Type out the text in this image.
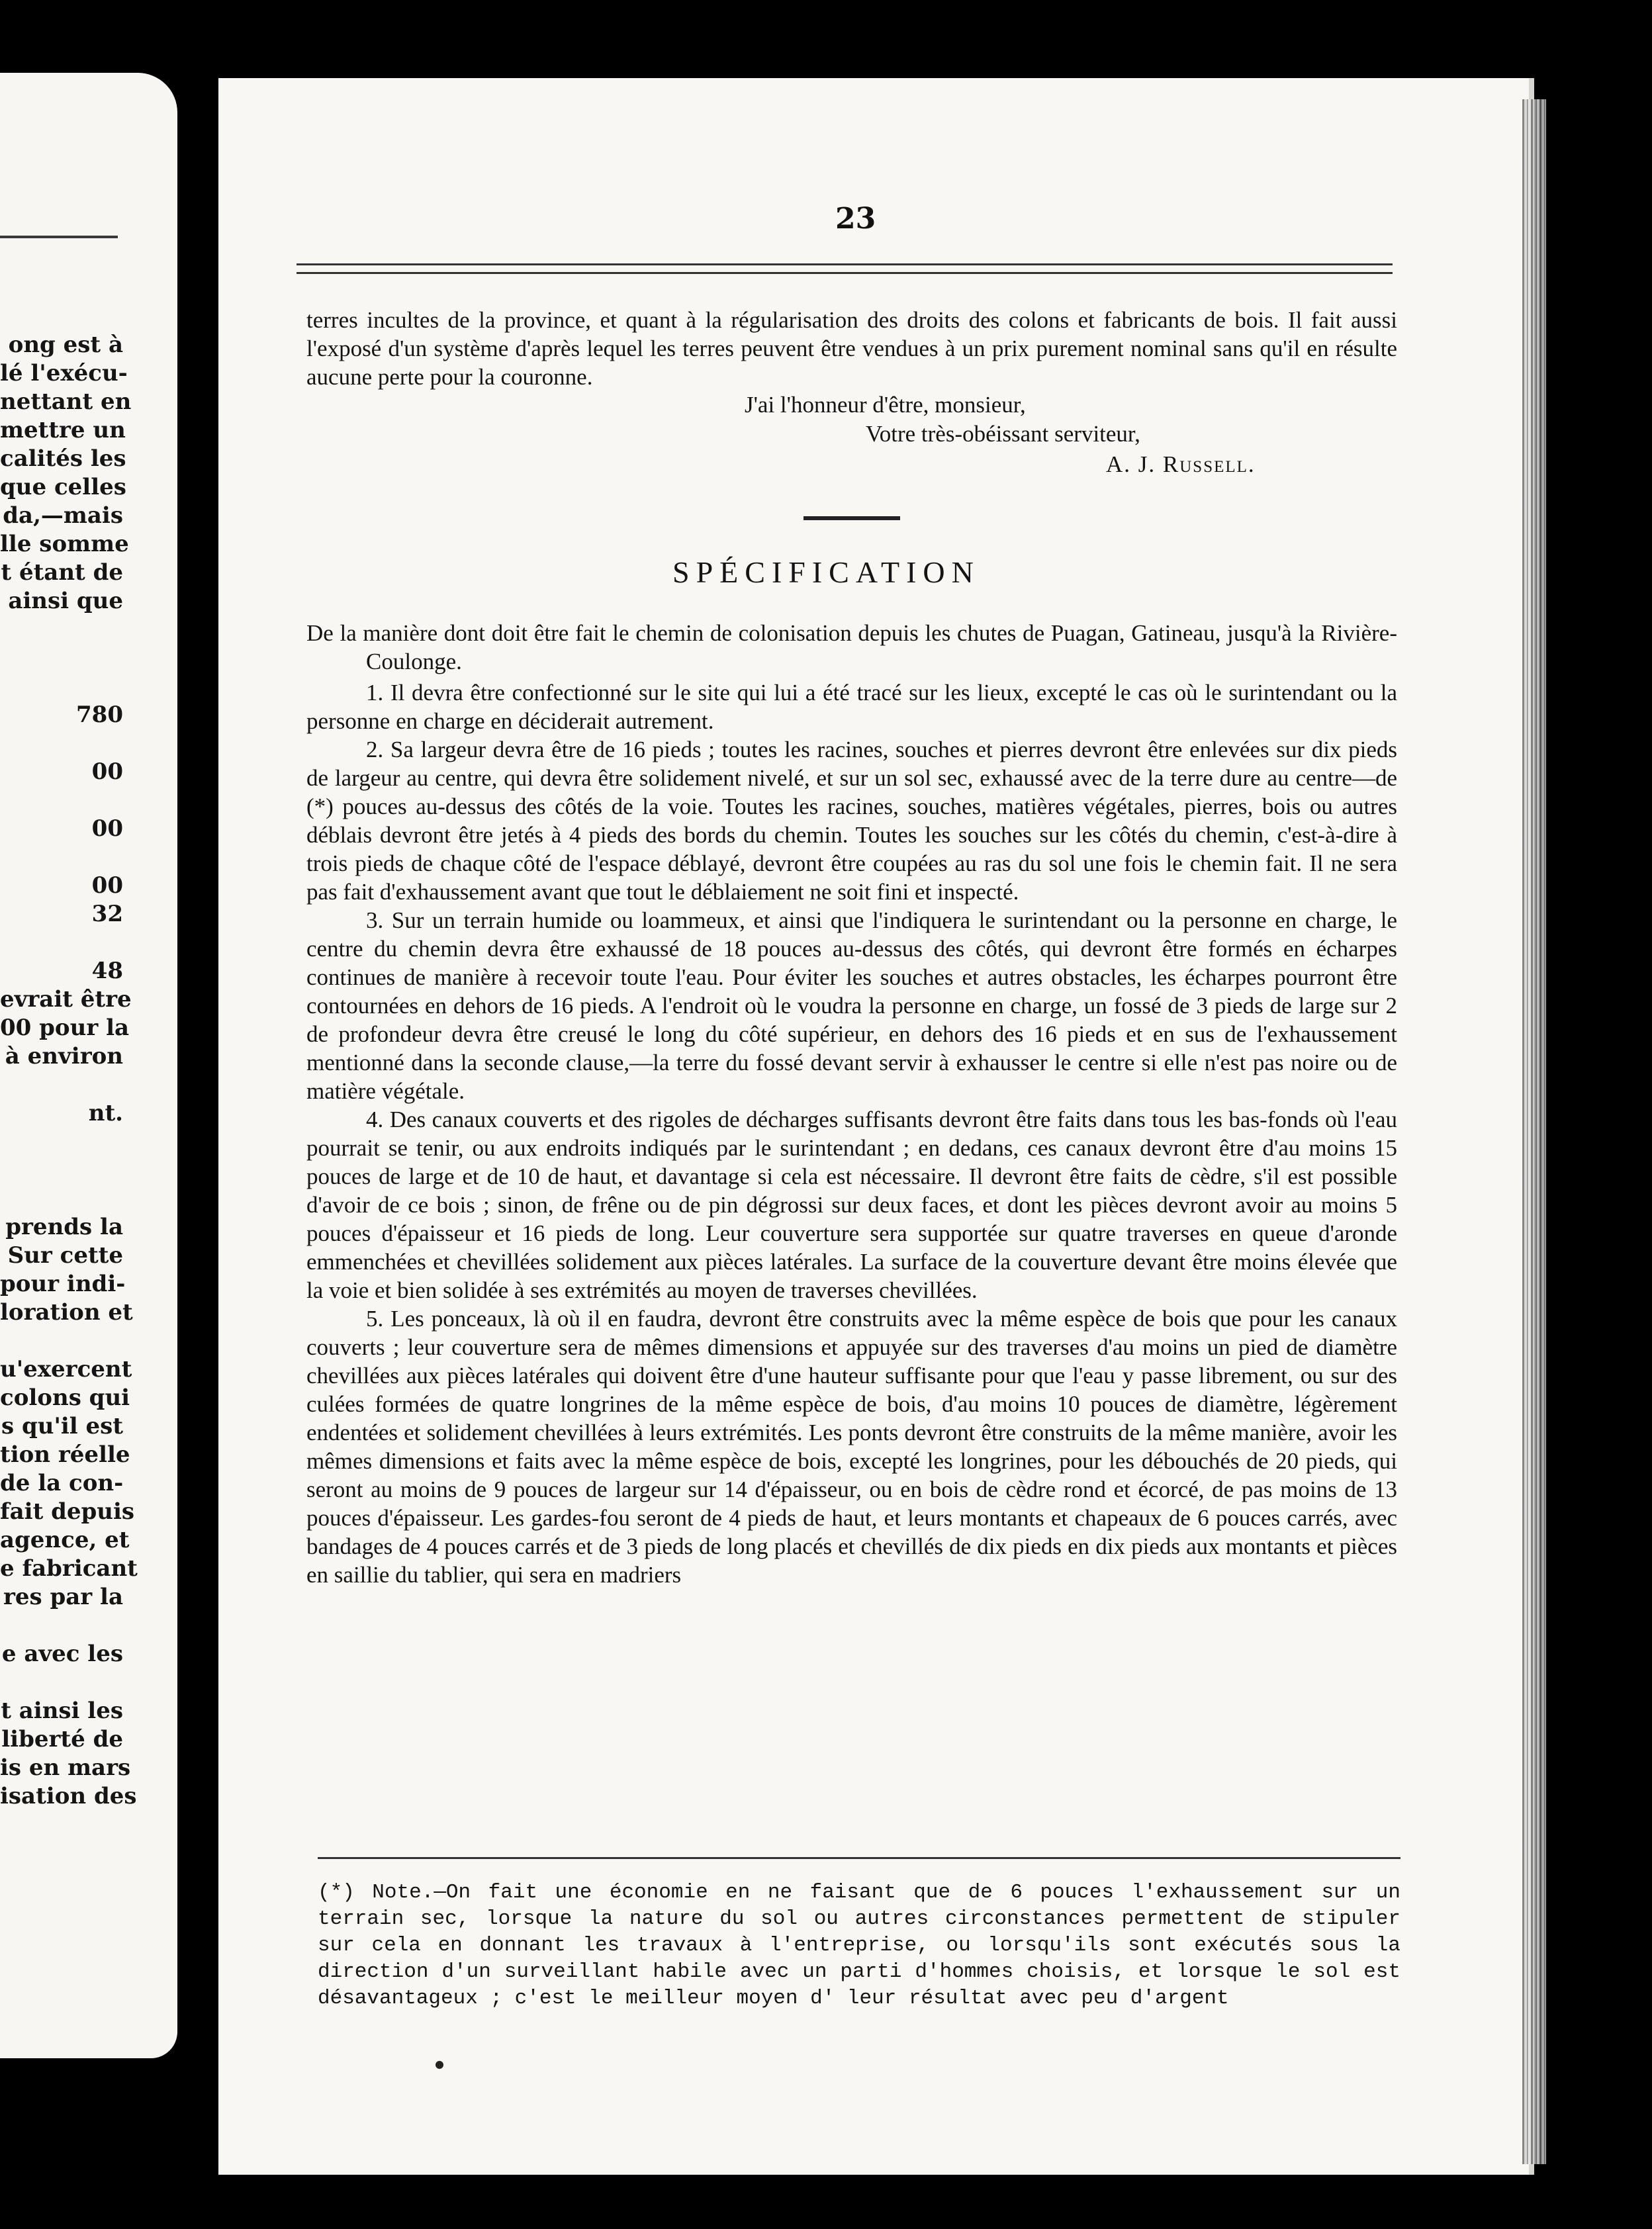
ong est à
lé l'exécu-
nettant en
mettre un
calités les
que celles
da,—mais
lle somme
t étant de
ainsi que
780
00
00
00
32
48
evrait être
00 pour la
à environ
nt.
prends la
Sur cette
pour indi-
loration et
u'exercent
colons qui
s qu'il est
tion réelle
de la con-
fait depuis
agence, et
e fabricant
res par la
e avec les
t ainsi les
liberté de
is en mars
isation des
23

terres incultes de la province, et quant à la régularisation des droits des colons et fabricants de bois. Il fait aussi l'exposé d'un système d'après lequel les terres peuvent être vendues à un prix purement nominal sans qu'il en résulte aucune perte pour la couronne.

J'ai l'honneur d'être, monsieur,
Votre très-obéissant serviteur,
A. J. Russell.
SPÉCIFICATION

De la manière dont doit être fait le chemin de colonisation depuis les chutes de Puagan, Gatineau, jusqu'à la Rivière-Coulonge.

1. Il devra être confectionné sur le site qui lui a été tracé sur les lieux, excepté le cas où le surintendant ou la personne en charge en déciderait autrement.

2. Sa largeur devra être de 16 pieds ; toutes les racines, souches et pierres devront être enlevées sur dix pieds de largeur au centre, qui devra être solidement nivelé, et sur un sol sec, exhaussé avec de la terre dure au centre—de (*) pouces au-dessus des côtés de la voie. Toutes les racines, souches, matières végétales, pierres, bois ou autres déblais devront être jetés à 4 pieds des bords du chemin. Toutes les souches sur les côtés du chemin, c'est-à-dire à trois pieds de chaque côté de l'espace déblayé, devront être coupées au ras du sol une fois le chemin fait. Il ne sera pas fait d'exhaussement avant que tout le déblaiement ne soit fini et inspecté.

3. Sur un terrain humide ou loammeux, et ainsi que l'indiquera le surintendant ou la personne en charge, le centre du chemin devra être exhaussé de 18 pouces au-dessus des côtés, qui devront être formés en écharpes continues de manière à recevoir toute l'eau. Pour éviter les souches et autres obstacles, les écharpes pourront être contournées en dehors de 16 pieds. A l'endroit où le voudra la personne en charge, un fossé de 3 pieds de large sur 2 de profondeur devra être creusé le long du côté supérieur, en dehors des 16 pieds et en sus de l'exhaussement mentionné dans la seconde clause,—la terre du fossé devant servir à exhausser le centre si elle n'est pas noire ou de matière végétale.

4. Des canaux couverts et des rigoles de décharges suffisants devront être faits dans tous les bas-fonds où l'eau pourrait se tenir, ou aux endroits indiqués par le surintendant ; en dedans, ces canaux devront être d'au moins 15 pouces de large et de 10 de haut, et davantage si cela est nécessaire. Il devront être faits de cèdre, s'il est possible d'avoir de ce bois ; sinon, de frêne ou de pin dégrossi sur deux faces, et dont les pièces devront avoir au moins 5 pouces d'épaisseur et 16 pieds de long. Leur couverture sera supportée sur quatre traverses en queue d'aronde emmenchées et chevillées solidement aux pièces latérales. La surface de la couverture devant être moins élevée que la voie et bien solidée à ses extrémités au moyen de traverses chevillées.

5. Les ponceaux, là où il en faudra, devront être construits avec la même espèce de bois que pour les canaux couverts ; leur couverture sera de mêmes dimensions et appuyée sur des traverses d'au moins un pied de diamètre chevillées aux pièces latérales qui doivent être d'une hauteur suffisante pour que l'eau y passe librement, ou sur des culées formées de quatre longrines de la même espèce de bois, d'au moins 10 pouces de diamètre, légèrement endentées et solidement chevillées à leurs extrémités. Les ponts devront être construits de la même manière, avoir les mêmes dimensions et faits avec la même espèce de bois, excepté les longrines, pour les débouchés de 20 pieds, qui seront au moins de 9 pouces de largeur sur 14 d'épaisseur, ou en bois de cèdre rond et écorcé, de pas moins de 13 pouces d'épaisseur. Les gardes-fou seront de 4 pieds de haut, et leurs montants et chapeaux de 6 pouces carrés, avec bandages de 4 pouces carrés et de 3 pieds de long placés et chevillés de dix pieds en dix pieds aux montants et pièces en saillie du tablier, qui sera en madriers

(*) Note.—On fait une économie en ne faisant que de 6 pouces l'exhaussement sur un terrain sec, lorsque la nature du sol ou autres circonstances permettent de stipuler sur cela en donnant les travaux à l'entreprise, ou lorsqu'ils sont exécutés sous la direction d'un surveillant habile avec un parti d'hommes choisis, et lorsque le sol est désavantageux ; c'est le meilleur moyen d' leur résultat avec peu d'argent
